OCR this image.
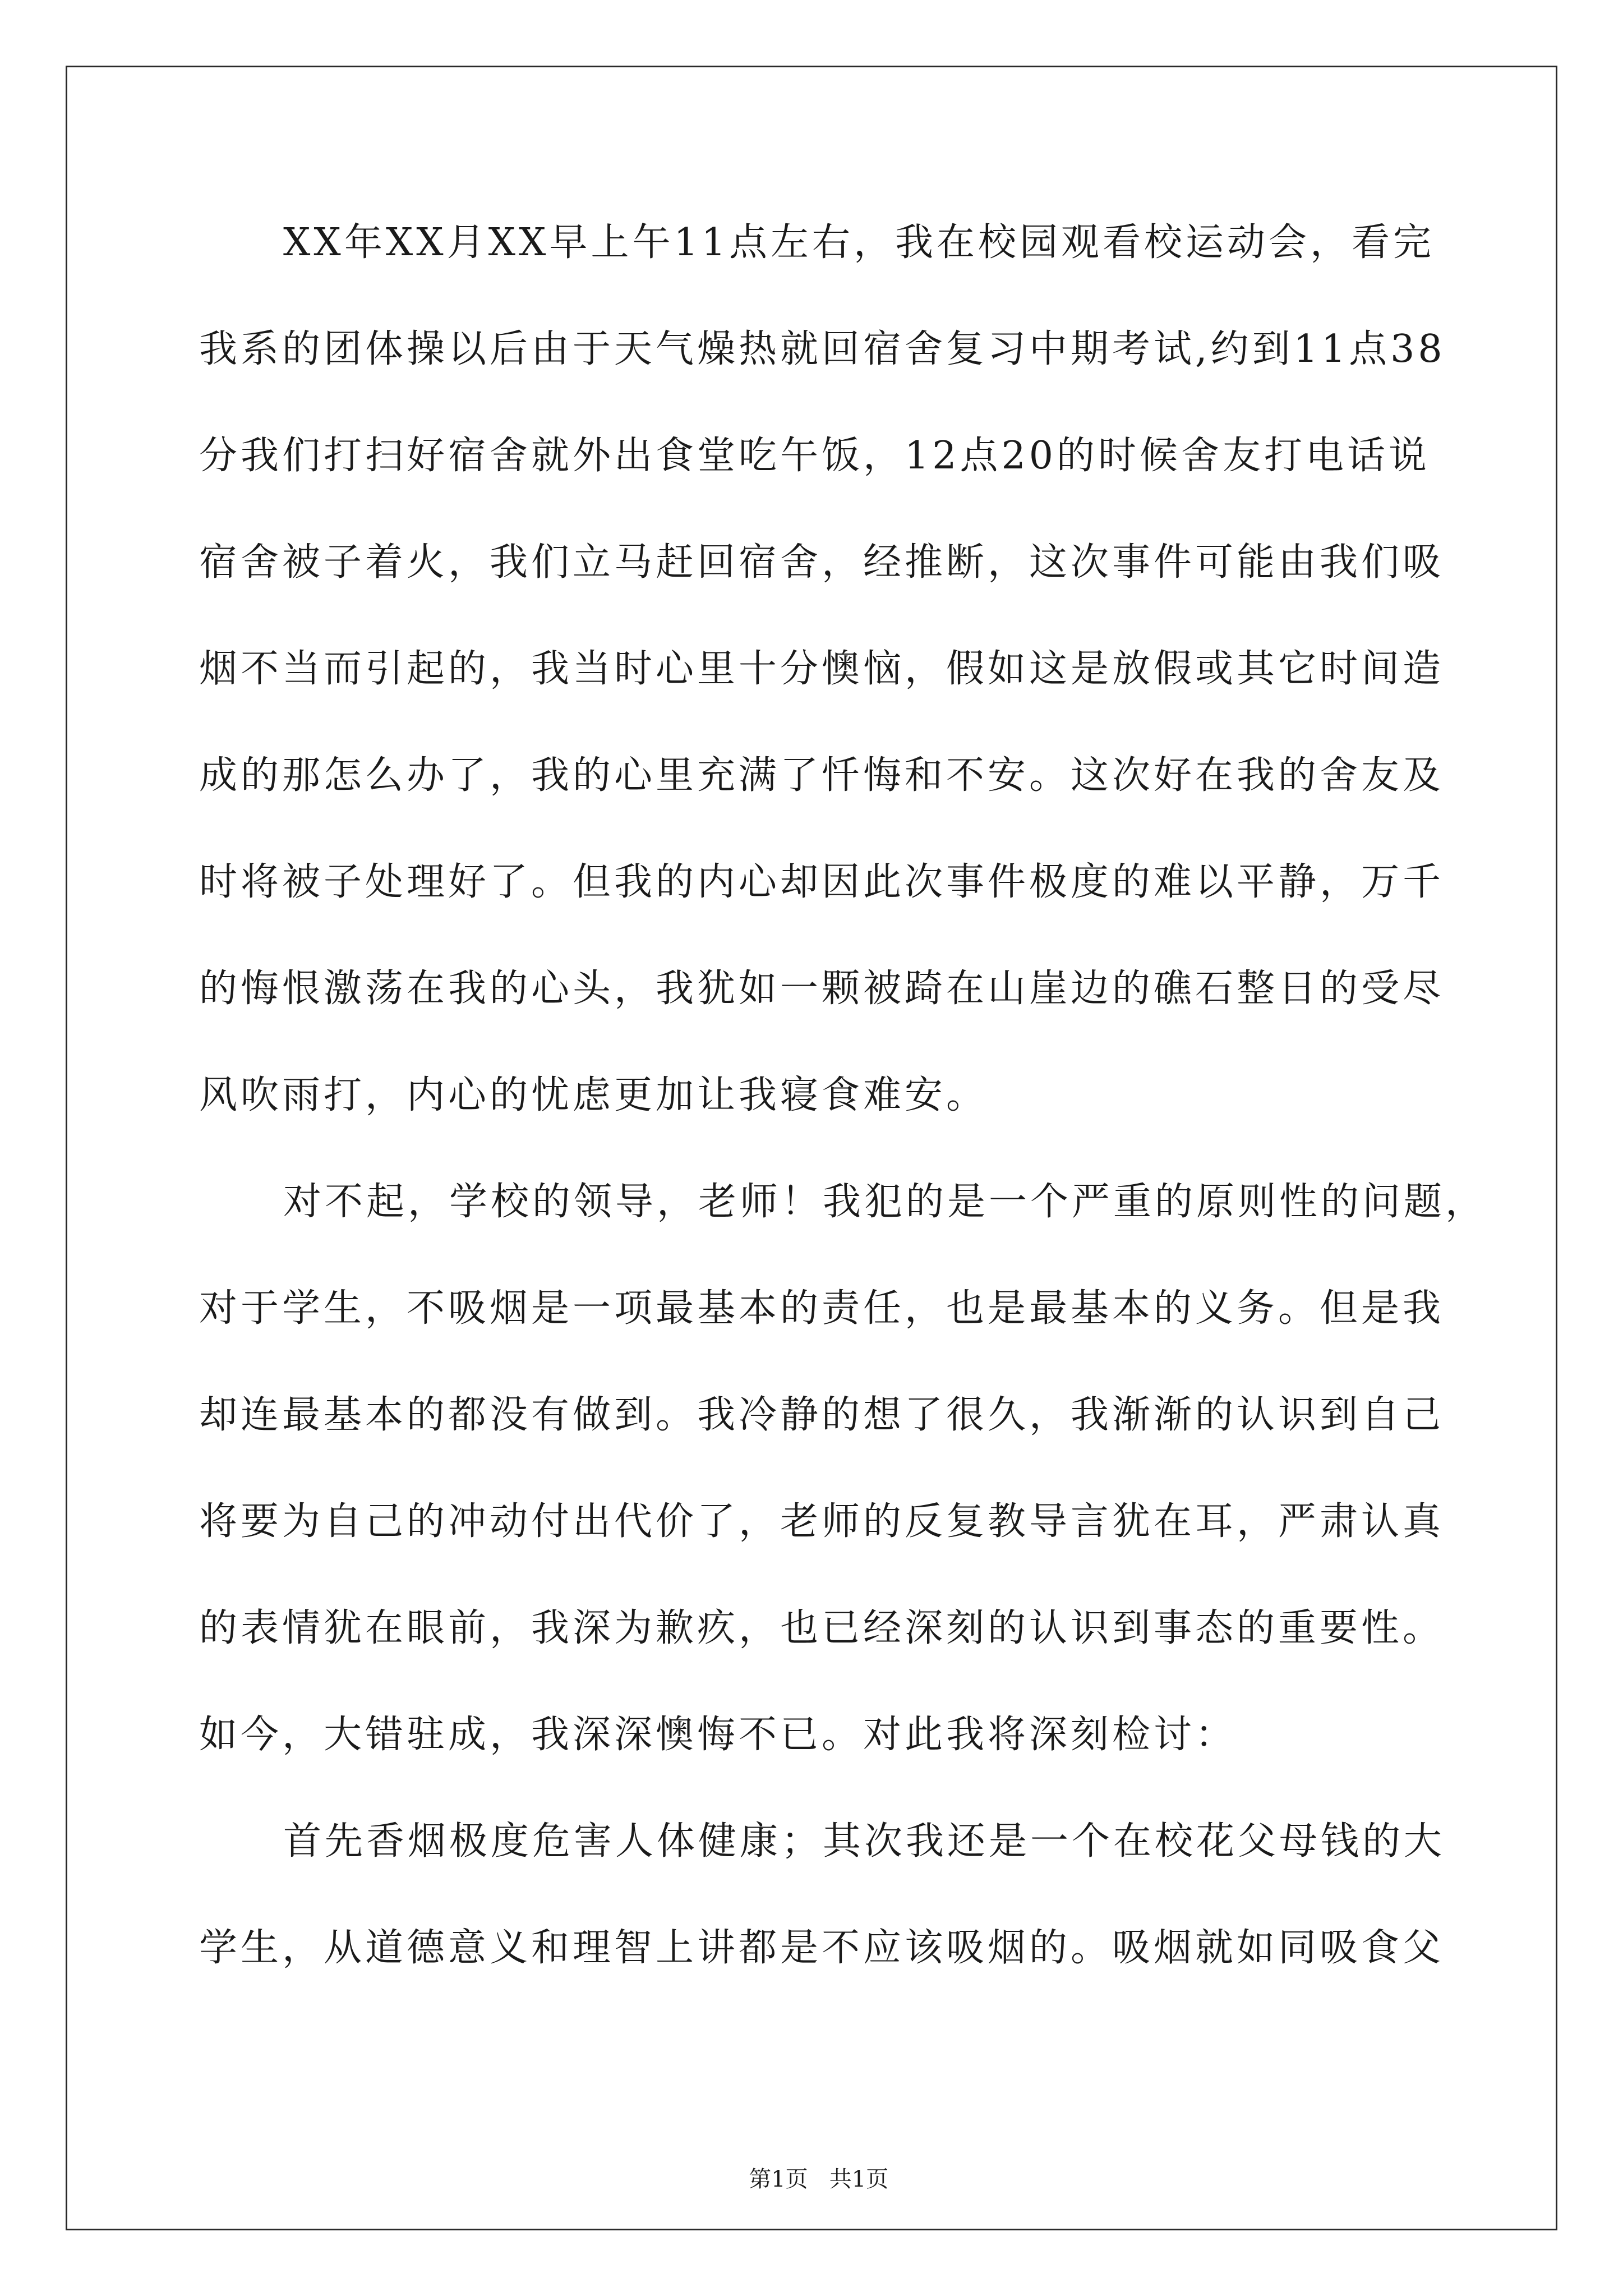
XX年XX月XX早上午11点左右，我在校园观看校运动会，看完
我系的团体操以后由于天气燥热就回宿舍复习中期考试,约到11点38
分我们打扫好宿舍就外出食堂吃午饭，12点20的时候舍友打电话说
宿舍被子着火，我们立马赶回宿舍，经推断，这次事件可能由我们吸
烟不当而引起的，我当时心里十分懊恼，假如这是放假或其它时间造
成的那怎么办了，我的心里充满了忏悔和不安。这次好在我的舍友及
时将被子处理好了。但我的内心却因此次事件极度的难以平静，万千
的悔恨激荡在我的心头，我犹如一颗被踦在山崖边的礁石整日的受尽
风吹雨打，内心的忧虑更加让我寝食难安。
对不起，学校的领导，老师！我犯的是一个严重的原则性的问题，
对于学生，不吸烟是一项最基本的责任，也是最基本的义务。但是我
却连最基本的都没有做到。我冷静的想了很久，我渐渐的认识到自己
将要为自己的冲动付出代价了，老师的反复教导言犹在耳，严肃认真
的表情犹在眼前，我深为歉疚，也已经深刻的认识到事态的重要性。
如今，大错驻成，我深深懊悔不已。对此我将深刻检讨：
首先香烟极度危害人体健康；其次我还是一个在校花父母钱的大
学生，从道德意义和理智上讲都是不应该吸烟的。吸烟就如同吸食父

第1页   共1页
